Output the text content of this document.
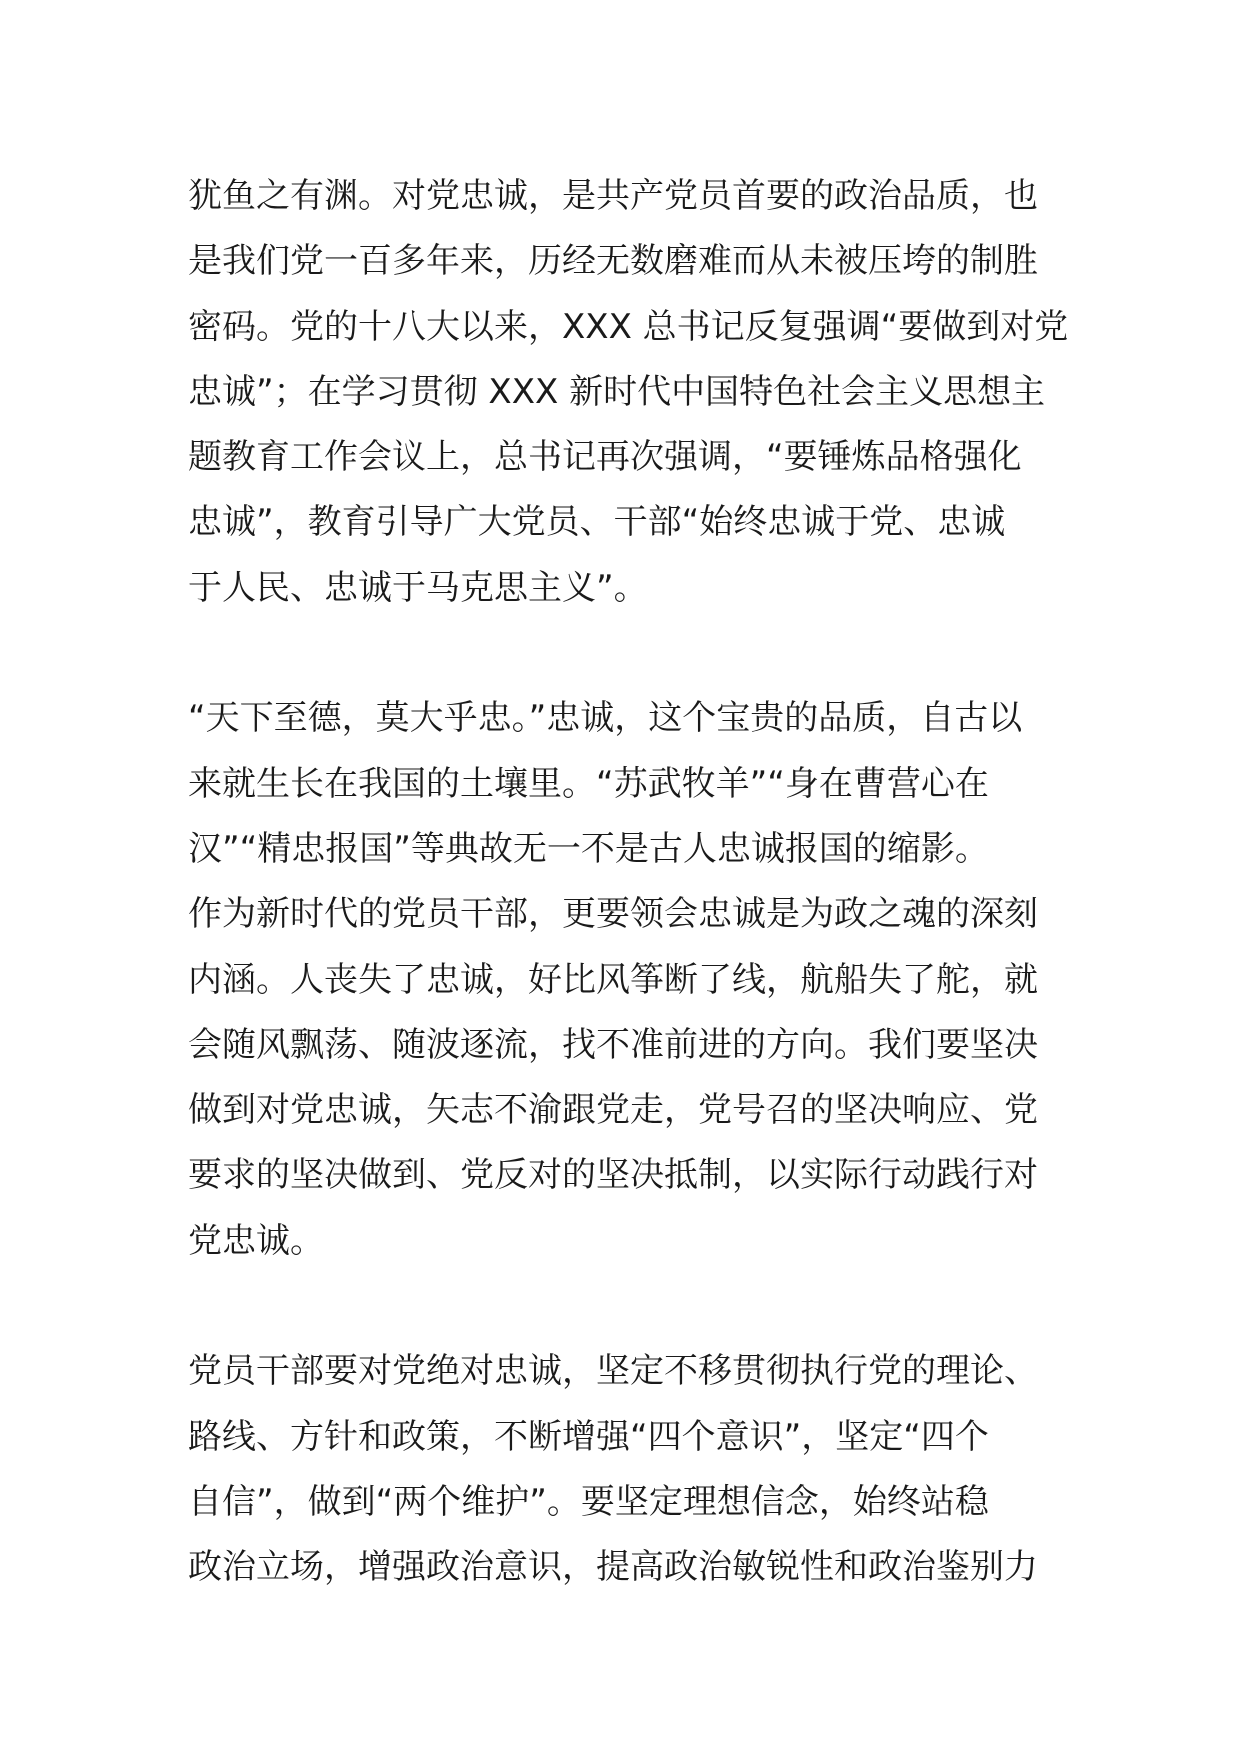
犹鱼之有渊。对党忠诚，是共产党员首要的政治品质，也
是我们党一百多年来，历经无数磨难而从未被压垮的制胜
密码。党的十八大以来，XXX 总书记反复强调“要做到对党
忠诚”；在学习贯彻 XXX 新时代中国特色社会主义思想主
题教育工作会议上，总书记再次强调，“要锤炼品格强化
忠诚”，教育引导广大党员、干部“始终忠诚于党、忠诚
于人民、忠诚于马克思主义”。
“天下至德，莫大乎忠。”忠诚，这个宝贵的品质，自古以
来就生长在我国的土壤里。“苏武牧羊”“身在曹营心在
汉”“精忠报国”等典故无一不是古人忠诚报国的缩影。
作为新时代的党员干部，更要领会忠诚是为政之魂的深刻
内涵。人丧失了忠诚，好比风筝断了线，航船失了舵，就
会随风飘荡、随波逐流，找不准前进的方向。我们要坚决
做到对党忠诚，矢志不渝跟党走，党号召的坚决响应、党
要求的坚决做到、党反对的坚决抵制，以实际行动践行对
党忠诚。
党员干部要对党绝对忠诚，坚定不移贯彻执行党的理论、
路线、方针和政策，不断增强“四个意识”，坚定“四个
自信”，做到“两个维护”。要坚定理想信念，始终站稳
政治立场，增强政治意识，提高政治敏锐性和政治鉴别力
